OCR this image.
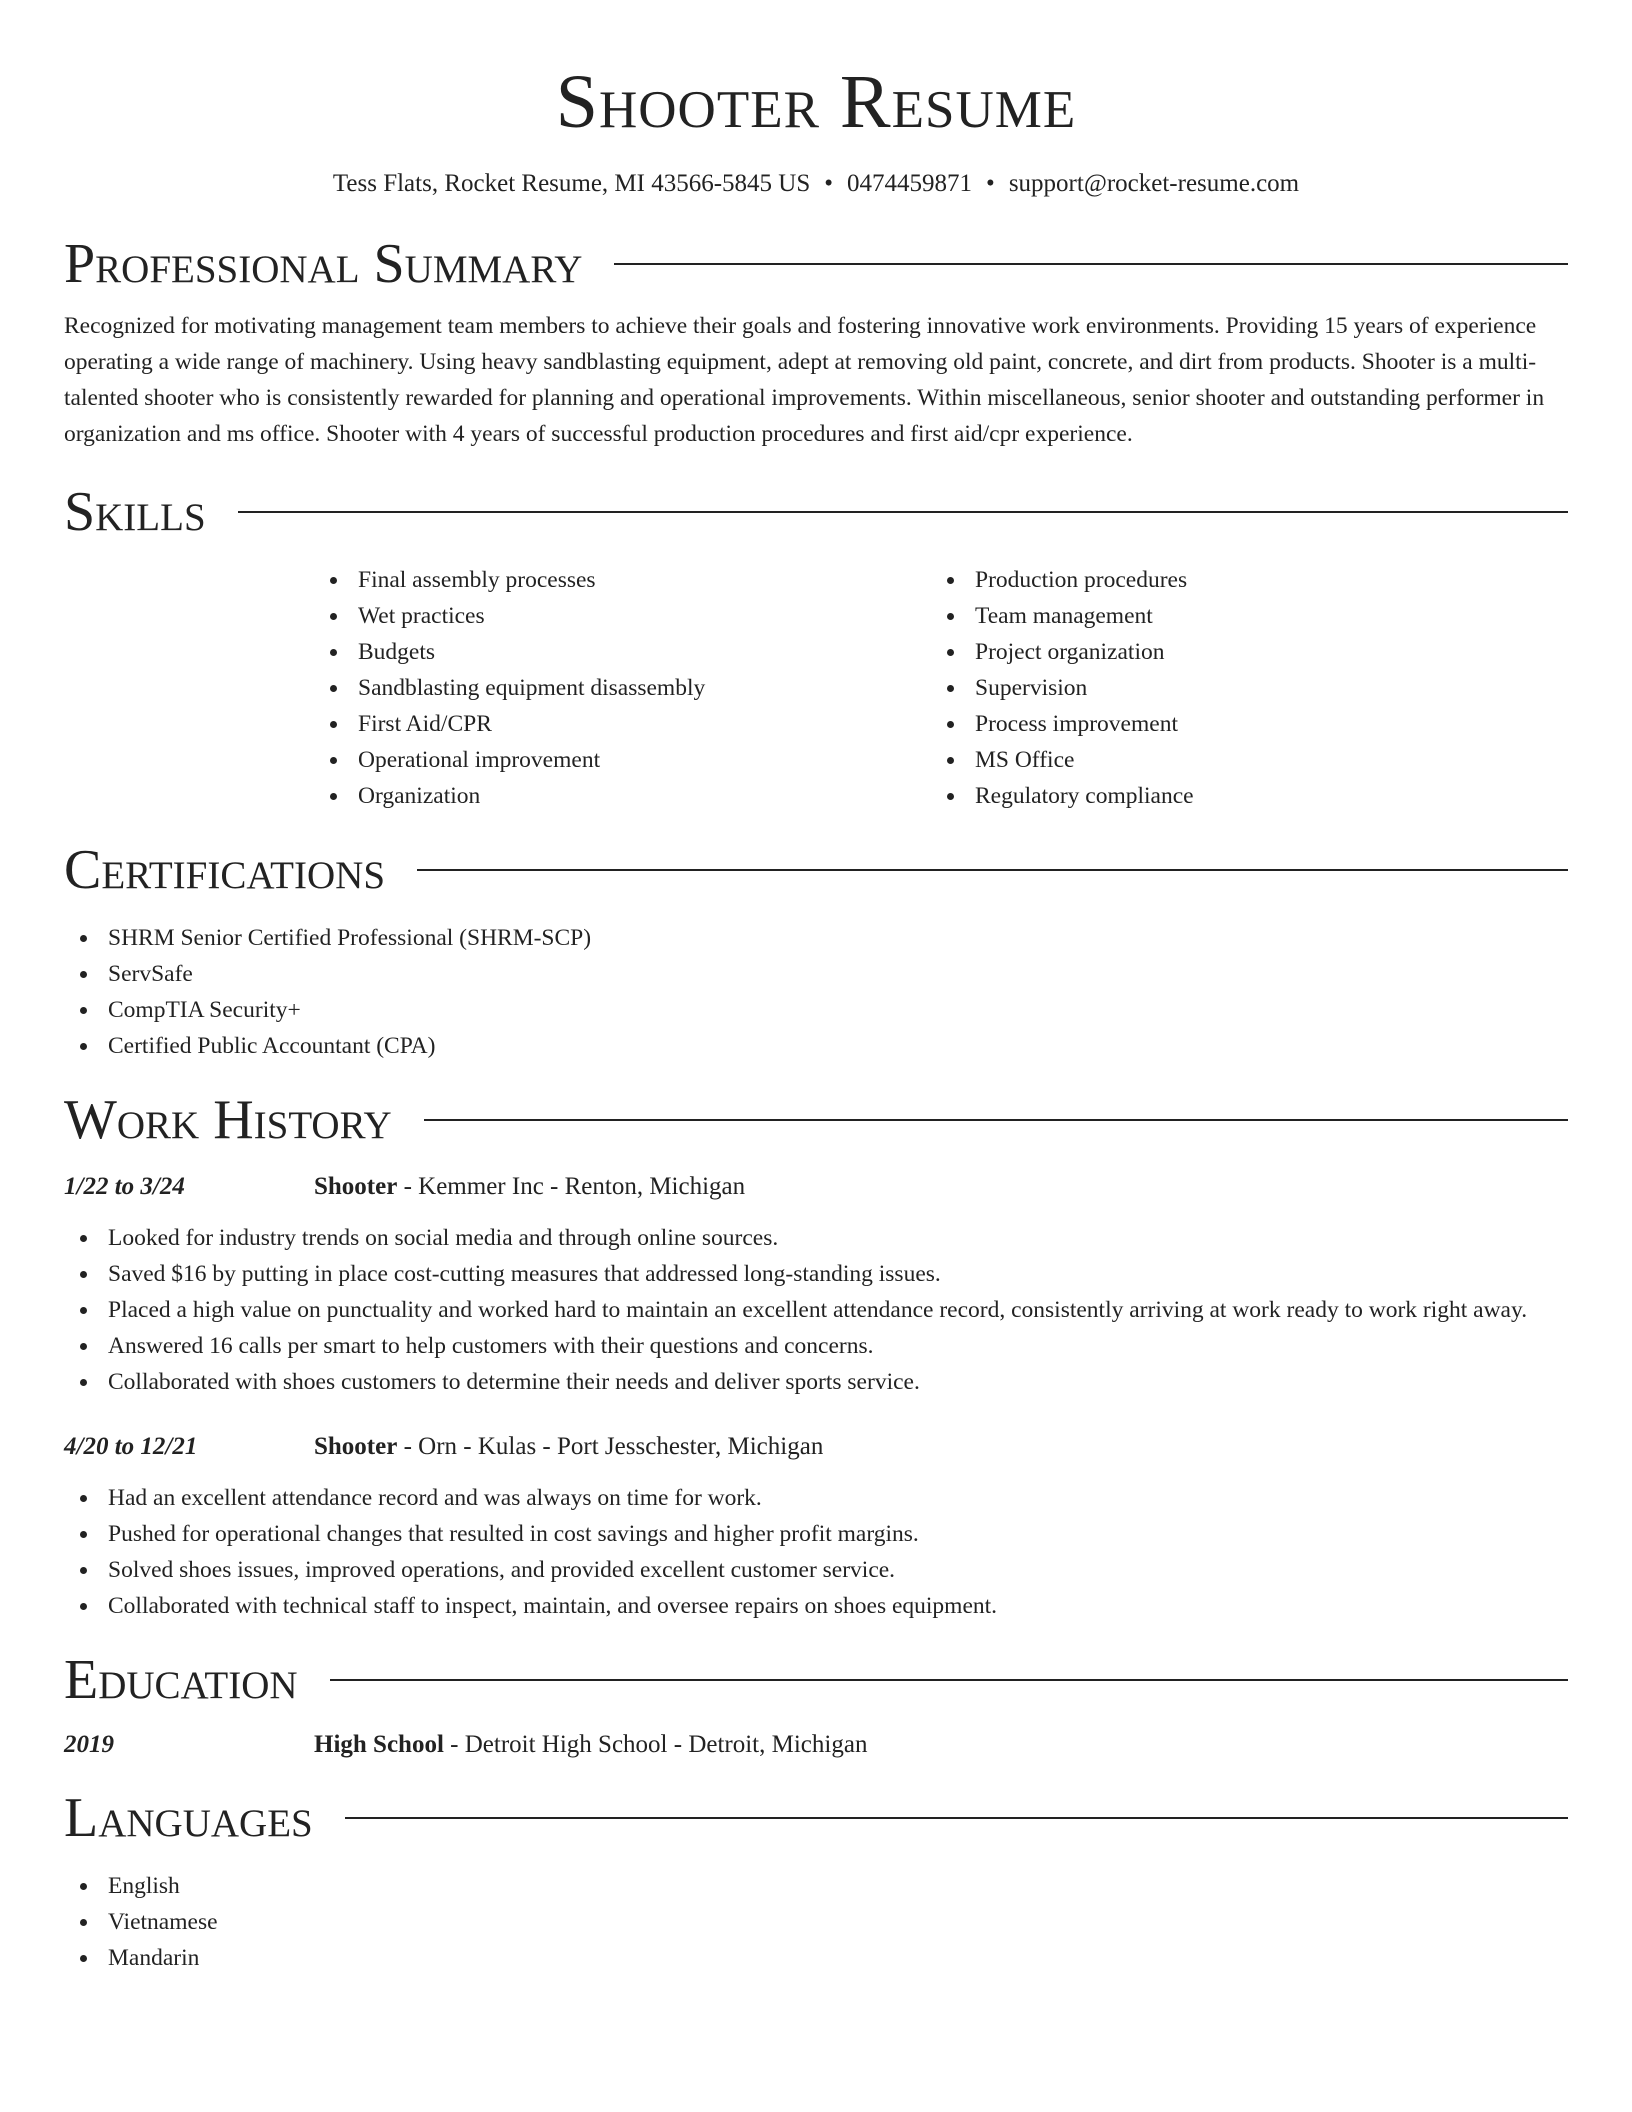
Shooter Resume
Tess Flats, Rocket Resume, MI 43566-5845 US • 0474459871 • support@rocket-resume.com
Professional Summary

Recognized for motivating management team members to achieve their goals and fostering innovative work environments. Providing 15 years of experience operating a wide range of machinery. Using heavy sandblasting equipment, adept at removing old paint, concrete, and dirt from products. Shooter is a multi-talented shooter who is consistently rewarded for planning and operational improvements. Within miscellaneous, senior shooter and outstanding performer in organization and ms office. Shooter with 4 years of successful production procedures and first aid/cpr experience.

Skills
Final assembly processes
Wet practices
Budgets
Sandblasting equipment disassembly
First Aid/CPR
Operational improvement
Organization
Production procedures
Team management
Project organization
Supervision
Process improvement
MS Office
Regulatory compliance
Certifications
SHRM Senior Certified Professional (SHRM-SCP)
ServSafe
CompTIA Security+
Certified Public Accountant (CPA)
Work History
1/22 to 3/24	Shooter - Kemmer Inc - Renton, Michigan
Looked for industry trends on social media and through online sources.
Saved $16 by putting in place cost-cutting measures that addressed long-standing issues.
Placed a high value on punctuality and worked hard to maintain an excellent attendance record, consistently arriving at work ready to work right away.
Answered 16 calls per smart to help customers with their questions and concerns.
Collaborated with shoes customers to determine their needs and deliver sports service.
4/20 to 12/21	Shooter - Orn - Kulas - Port Jesschester, Michigan
Had an excellent attendance record and was always on time for work.
Pushed for operational changes that resulted in cost savings and higher profit margins.
Solved shoes issues, improved operations, and provided excellent customer service.
Collaborated with technical staff to inspect, maintain, and oversee repairs on shoes equipment.
Education
2019	High School - Detroit High School - Detroit, Michigan
Languages
English
Vietnamese
Mandarin
